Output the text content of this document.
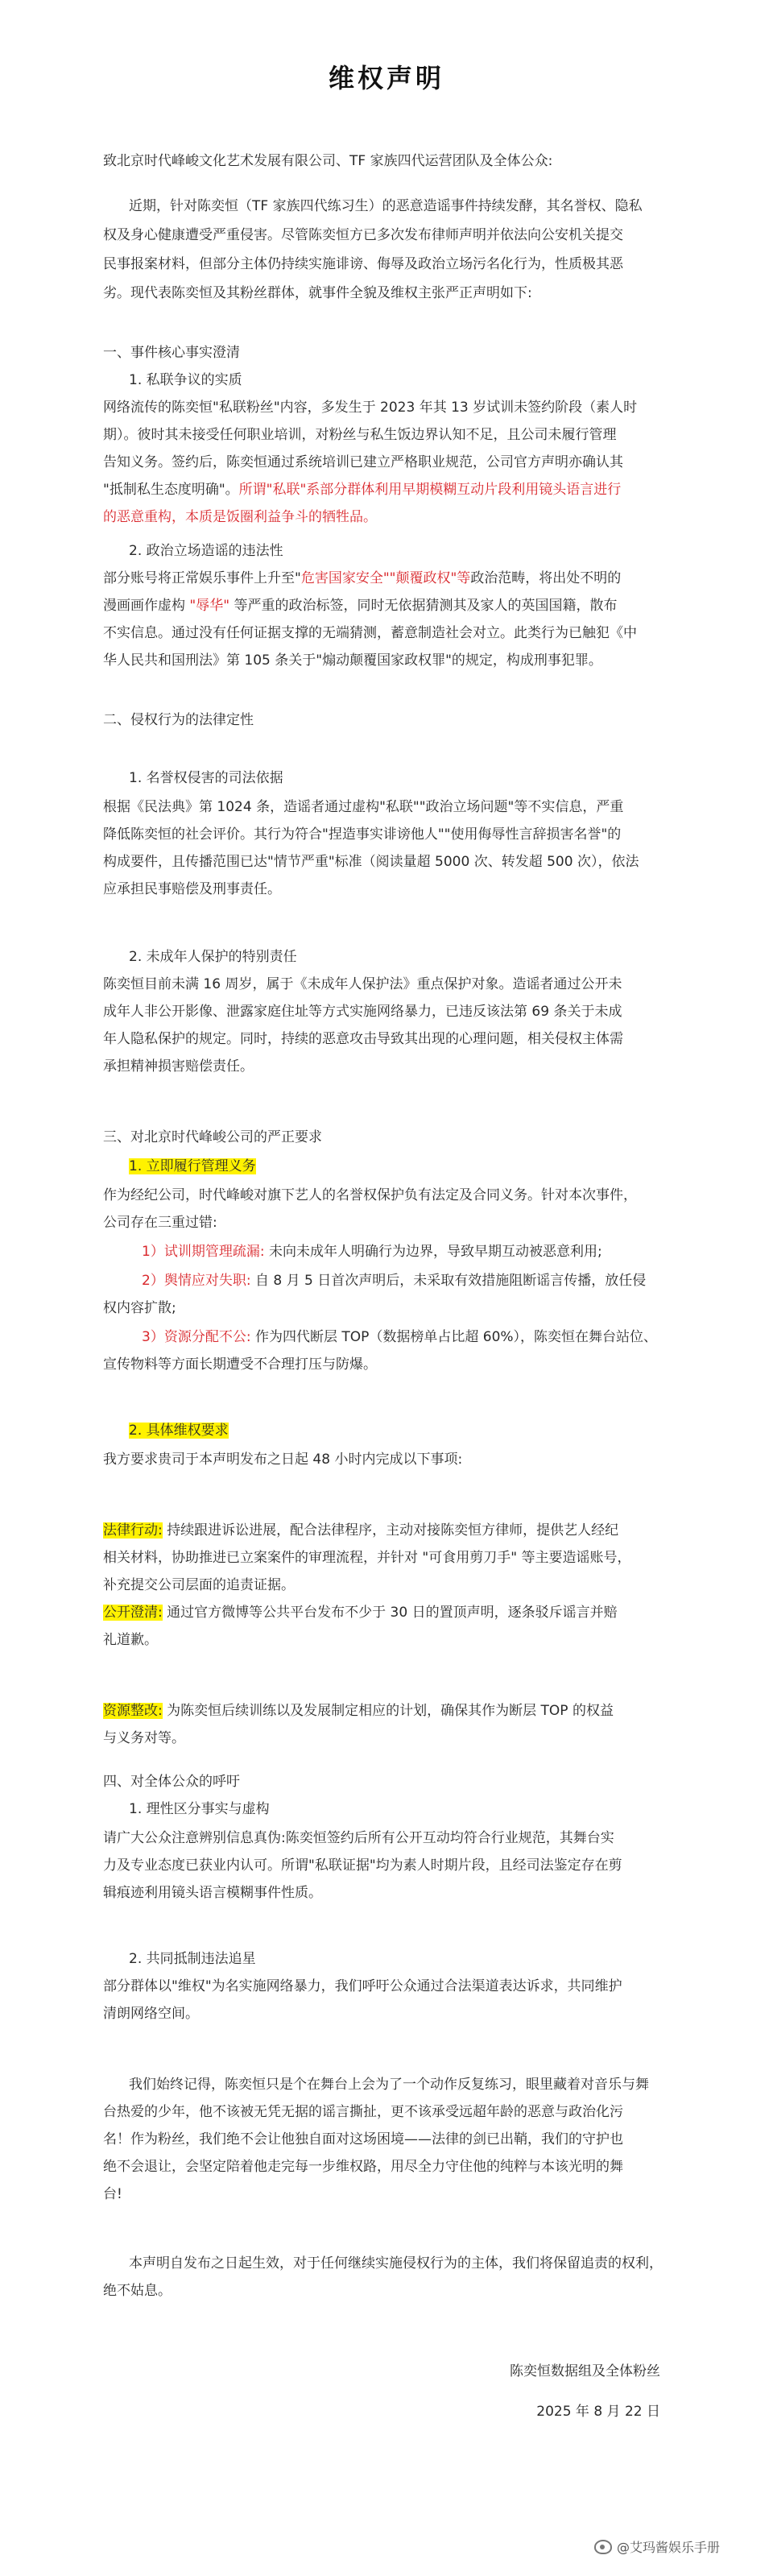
维权声明
致北京时代峰峻文化艺术发展有限公司、TF 家族四代运营团队及全体公众:
近期，针对陈奕恒（TF 家族四代练习生）的恶意造谣事件持续发酵，其名誉权、隐私
权及身心健康遭受严重侵害。尽管陈奕恒方已多次发布律师声明并依法向公安机关提交
民事报案材料，但部分主体仍持续实施诽谤、侮辱及政治立场污名化行为，性质极其恶
劣。现代表陈奕恒及其粉丝群体，就事件全貌及维权主张严正声明如下:
一、事件核心事实澄清
1. 私联争议的实质
网络流传的陈奕恒"私联粉丝"内容，多发生于 2023 年其 13 岁试训未签约阶段（素人时
期）。彼时其未接受任何职业培训，对粉丝与私生饭边界认知不足，且公司未履行管理
告知义务。签约后，陈奕恒通过系统培训已建立严格职业规范，公司官方声明亦确认其
"抵制私生态度明确"。所谓"私联"系部分群体利用早期模糊互动片段利用镜头语言进行
的恶意重构，本质是饭圈利益争斗的牺牲品。
2. 政治立场造谣的违法性
部分账号将正常娱乐事件上升至"危害国家安全""颠覆政权"等政治范畴，将出处不明的
漫画画作虚构 "辱华" 等严重的政治标签，同时无依据猜测其及家人的英国国籍，散布
不实信息。通过没有任何证据支撑的无端猜测，蓄意制造社会对立。此类行为已触犯《中
华人民共和国刑法》第 105 条关于"煽动颠覆国家政权罪"的规定，构成刑事犯罪。
二、侵权行为的法律定性
1. 名誉权侵害的司法依据
根据《民法典》第 1024 条，造谣者通过虚构"私联""政治立场问题"等不实信息，严重
降低陈奕恒的社会评价。其行为符合"捏造事实诽谤他人""使用侮辱性言辞损害名誉"的
构成要件，且传播范围已达"情节严重"标准（阅读量超 5000 次、转发超 500 次），依法
应承担民事赔偿及刑事责任。
2. 未成年人保护的特别责任
陈奕恒目前未满 16 周岁，属于《未成年人保护法》重点保护对象。造谣者通过公开未
成年人非公开影像、泄露家庭住址等方式实施网络暴力，已违反该法第 69 条关于未成
年人隐私保护的规定。同时，持续的恶意攻击导致其出现的心理问题，相关侵权主体需
承担精神损害赔偿责任。
三、对北京时代峰峻公司的严正要求
1. 立即履行管理义务
作为经纪公司，时代峰峻对旗下艺人的名誉权保护负有法定及合同义务。针对本次事件，
公司存在三重过错:
1）试训期管理疏漏: 未向未成年人明确行为边界，导致早期互动被恶意利用;
2）舆情应对失职: 自 8 月 5 日首次声明后，未采取有效措施阻断谣言传播，放任侵
权内容扩散;
3）资源分配不公: 作为四代断层 TOP（数据榜单占比超 60%），陈奕恒在舞台站位、
宣传物料等方面长期遭受不合理打压与防爆。
2. 具体维权要求
我方要求贵司于本声明发布之日起 48 小时内完成以下事项:
法律行动: 持续跟进诉讼进展，配合法律程序，主动对接陈奕恒方律师，提供艺人经纪
相关材料，协助推进已立案案件的审理流程，并针对 "可食用剪刀手" 等主要造谣账号，
补充提交公司层面的追责证据。
公开澄清: 通过官方微博等公共平台发布不少于 30 日的置顶声明，逐条驳斥谣言并赔
礼道歉。
资源整改: 为陈奕恒后续训练以及发展制定相应的计划，确保其作为断层 TOP 的权益
与义务对等。
四、对全体公众的呼吁
1. 理性区分事实与虚构
请广大公众注意辨别信息真伪:陈奕恒签约后所有公开互动均符合行业规范，其舞台实
力及专业态度已获业内认可。所谓"私联证据"均为素人时期片段，且经司法鉴定存在剪
辑痕迹利用镜头语言模糊事件性质。
2. 共同抵制违法追星
部分群体以"维权"为名实施网络暴力，我们呼吁公众通过合法渠道表达诉求，共同维护
清朗网络空间。
我们始终记得，陈奕恒只是个在舞台上会为了一个动作反复练习，眼里藏着对音乐与舞
台热爱的少年，他不该被无凭无据的谣言撕扯，更不该承受远超年龄的恶意与政治化污
名！作为粉丝，我们绝不会让他独自面对这场困境——法律的剑已出鞘，我们的守护也
绝不会退让，会坚定陪着他走完每一步维权路，用尽全力守住他的纯粹与本该光明的舞
台!
本声明自发布之日起生效，对于任何继续实施侵权行为的主体，我们将保留追责的权利，
绝不姑息。
陈奕恒数据组及全体粉丝
2025 年 8 月 22 日
@艾玛酱娱乐手册
